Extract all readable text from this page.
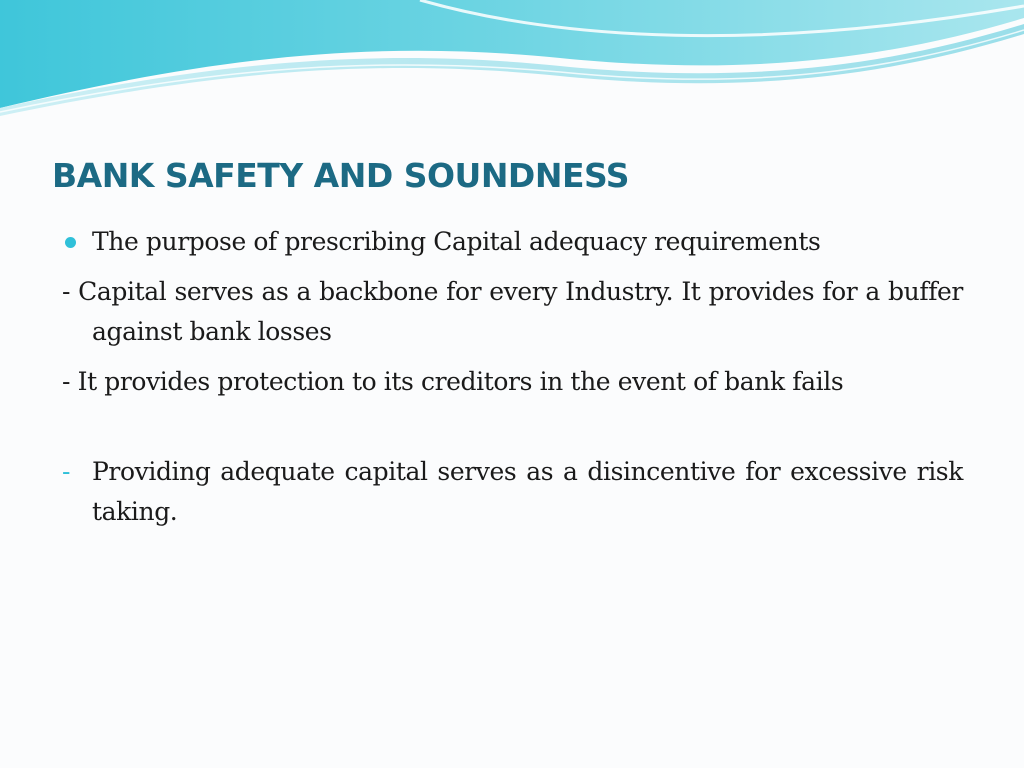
BANK SAFETY AND SOUNDNESS
The purpose of prescribing Capital adequacy requirements
- Capital serves as a backbone for every Industry. It provides for a buffer against bank losses
- It provides protection to its creditors in the event of bank fails
- Providing adequate capital serves as a disincentive for excessive risk taking.
